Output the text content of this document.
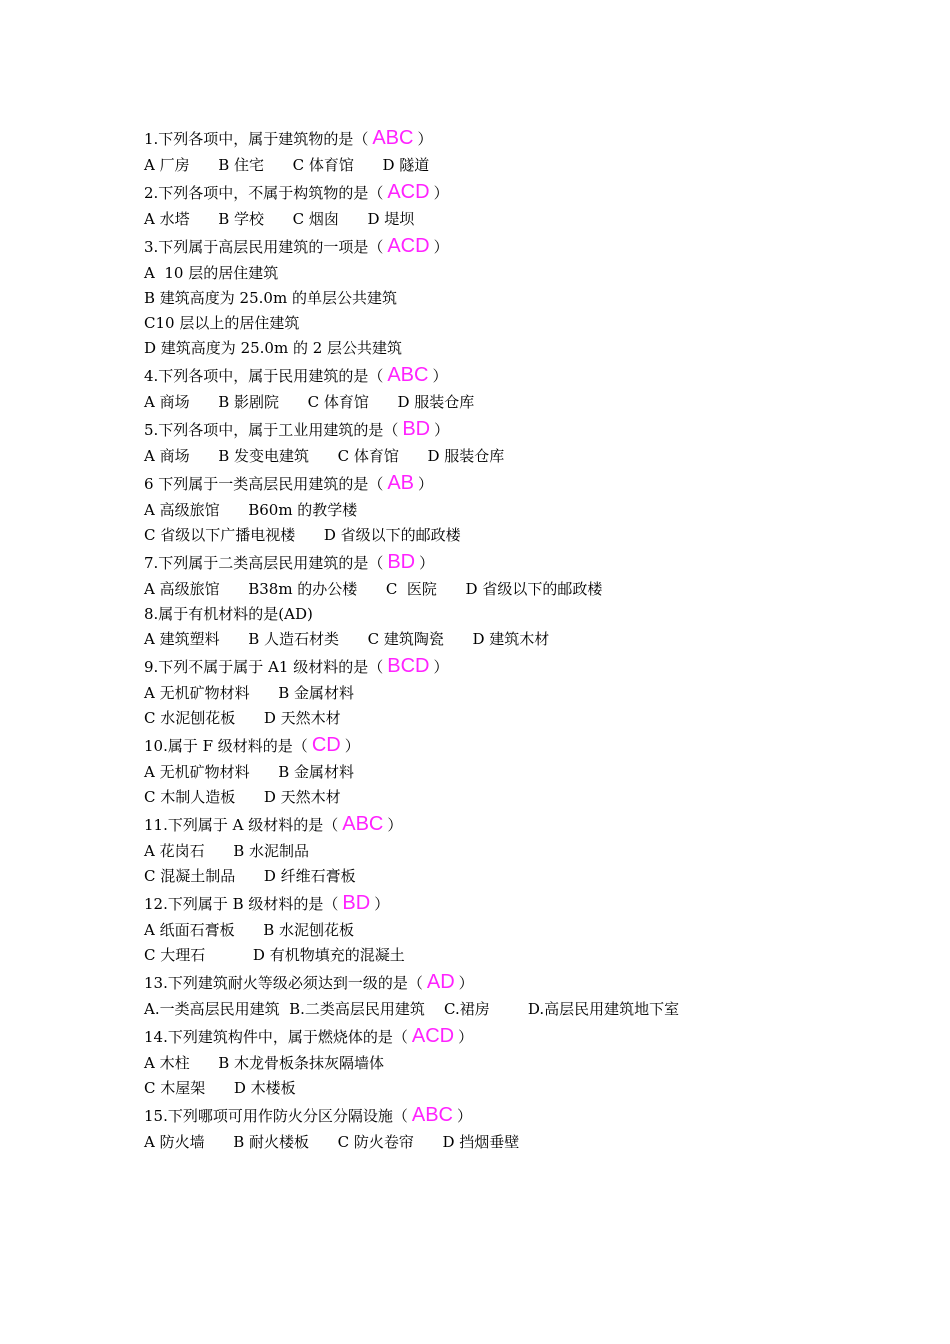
1.下列各项中，属于建筑物的是（ ABC ）
A 厂房      B 住宅      C 体育馆      D 隧道
2.下列各项中，不属于构筑物的是（ ACD ）
A 水塔      B 学校      C 烟囱      D 堤坝
3.下列属于高层民用建筑的一项是（ ACD ）
A  10 层的居住建筑
B 建筑高度为 25.0m 的单层公共建筑
C10 层以上的居住建筑
D 建筑高度为 25.0m 的 2 层公共建筑
4.下列各项中，属于民用建筑的是（ ABC ）
A 商场      B 影剧院      C 体育馆      D 服装仓库
5.下列各项中，属于工业用建筑的是（ BD ）
A 商场      B 发变电建筑      C 体育馆      D 服装仓库
6 下列属于一类高层民用建筑的是（ AB ）
A 高级旅馆      B60m 的教学楼
C 省级以下广播电视楼      D 省级以下的邮政楼
7.下列属于二类高层民用建筑的是（ BD ）
A 高级旅馆      B38m 的办公楼      C  医院      D 省级以下的邮政楼
8.属于有机材料的是(AD)
A 建筑塑料      B 人造石材类      C 建筑陶瓷      D 建筑木材
9.下列不属于属于 A1 级材料的是（ BCD ）
A 无机矿物材料      B 金属材料
C 水泥刨花板      D 天然木材
10.属于 F 级材料的是（ CD ）
A 无机矿物材料      B 金属材料
C 木制人造板      D 天然木材
11.下列属于 A 级材料的是（ ABC ）
A 花岗石      B 水泥制品
C 混凝土制品      D 纤维石膏板
12.下列属于 B 级材料的是（ BD ）
A 纸面石膏板      B 水泥刨花板
C 大理石          D 有机物填充的混凝土
13.下列建筑耐火等级必须达到一级的是（ AD ）
A.一类高层民用建筑  B.二类高层民用建筑    C.裙房        D.高层民用建筑地下室
14.下列建筑构件中，属于燃烧体的是（ ACD ）
A 木柱      B 木龙骨板条抹灰隔墙体
C 木屋架      D 木楼板
15.下列哪项可用作防火分区分隔设施（ ABC ）
A 防火墙      B 耐火楼板      C 防火卷帘      D 挡烟垂壁
